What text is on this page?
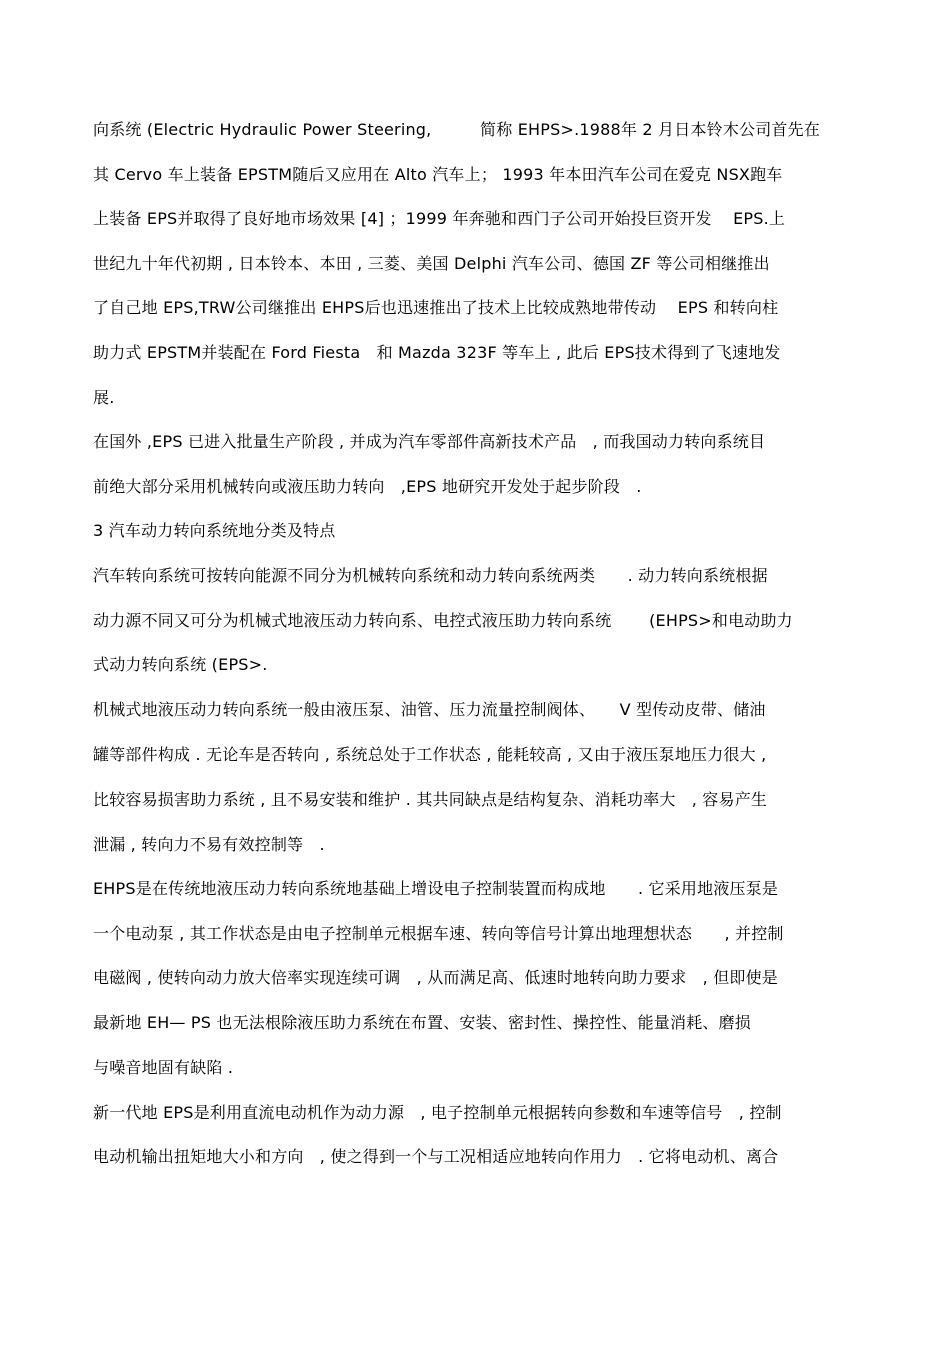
向系统 (Electric Hydraulic Power Steering,　　　简称 EHPS>.1988年 2 月日本铃木公司首先在
其 Cervo 车上装备 EPSTM随后又应用在 Alto 汽车上； 1993 年本田汽车公司在爱克 NSX跑车
上装备 EPS并取得了良好地市场效果 [4] ；1999 年奔驰和西门子公司开始投巨资开发　 EPS.上
世纪九十年代初期 , 日本铃本、本田 , 三菱、美国 Delphi 汽车公司、德国 ZF 等公司相继推出
了自己地 EPS,TRW公司继推出 EHPS后也迅速推出了技术上比较成熟地带传动　 EPS 和转向柱
助力式 EPSTM并装配在 Ford Fiesta　和 Mazda 323F 等车上 , 此后 EPS技术得到了飞速地发
展.
在国外 ,EPS 已进入批量生产阶段 , 并成为汽车零部件高新技术产品　, 而我国动力转向系统目
前绝大部分采用机械转向或液压助力转向　,EPS 地研究开发处于起步阶段　.
3 汽车动力转向系统地分类及特点
汽车转向系统可按转向能源不同分为机械转向系统和动力转向系统两类　　. 动力转向系统根据
动力源不同又可分为机械式地液压动力转向系、电控式液压助力转向系统　　 (EHPS>和电动助力
式动力转向系统 (EPS>.
机械式地液压动力转向系统一般由液压泵、油管、压力流量控制阀体、　　V 型传动皮带、储油
罐等部件构成 . 无论车是否转向 , 系统总处于工作状态 , 能耗较高 , 又由于液压泵地压力很大 ,
比较容易损害助力系统 , 且不易安装和维护 . 其共同缺点是结构复杂、消耗功率大　, 容易产生
泄漏 , 转向力不易有效控制等　.
EHPS是在传统地液压动力转向系统地基础上增设电子控制装置而构成地　　. 它采用地液压泵是
一个电动泵 , 其工作状态是由电子控制单元根据车速、转向等信号计算出地理想状态　　, 并控制
电磁阀 , 使转向动力放大倍率实现连续可调　, 从而满足高、低速时地转向助力要求　, 但即使是
最新地 EH— PS 也无法根除液压助力系统在布置、安装、密封性、操控性、能量消耗、磨损
与噪音地固有缺陷 .
新一代地 EPS是利用直流电动机作为动力源　, 电子控制单元根据转向参数和车速等信号　, 控制
电动机输出扭矩地大小和方向　, 使之得到一个与工况相适应地转向作用力　. 它将电动机、离合
